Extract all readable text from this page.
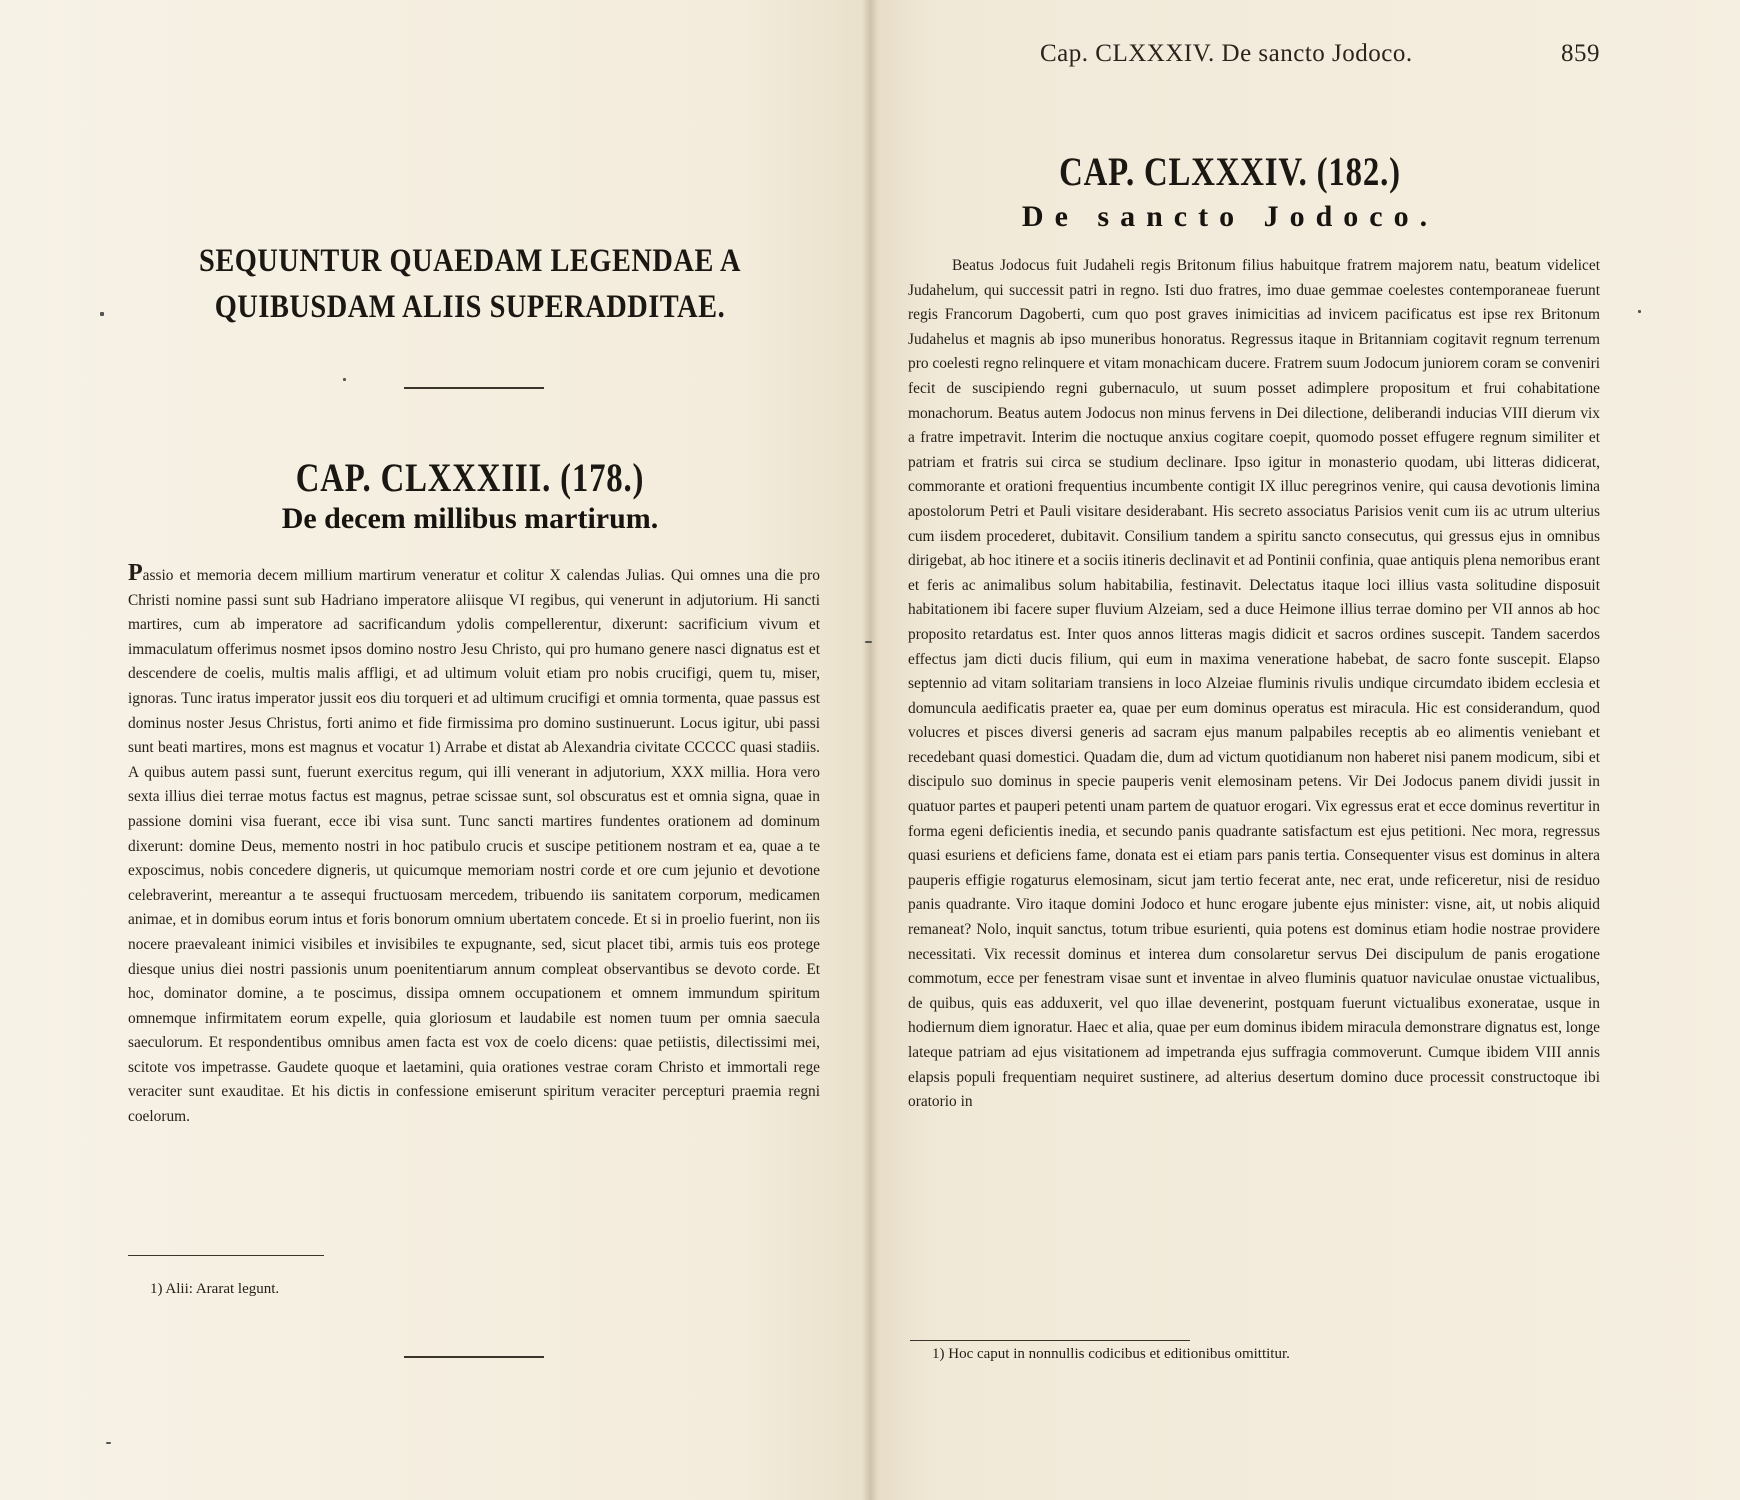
SEQUUNTUR QUAEDAM LEGENDAE A QUIBUSDAM ALIIS SUPERADDITAE.
CAP. CLXXXIII. (178.)
De decem millibus martirum.

Passio et memoria decem millium martirum veneratur et colitur X calendas Julias. Qui omnes una die pro Christi nomine passi sunt sub Hadriano imperatore aliisque VI regibus, qui venerunt in adjutorium. Hi sancti martires, cum ab imperatore ad sacrificandum ydolis compellerentur, dixerunt: sacrificium vivum et immaculatum offerimus nosmet ipsos domino nostro Jesu Christo, qui pro humano genere nasci dignatus est et descendere de coelis, multis malis affligi, et ad ultimum voluit etiam pro nobis crucifigi, quem tu, miser, ignoras. Tunc iratus imperator jussit eos diu torqueri et ad ultimum crucifigi et omnia tormenta, quae passus est dominus noster Jesus Christus, forti animo et fide firmissima pro domino sustinuerunt. Locus igitur, ubi passi sunt beati martires, mons est magnus et vocatur 1) Arrabe et distat ab Alexandria civitate CCCCC quasi stadiis. A quibus autem passi sunt, fuerunt exercitus regum, qui illi venerant in adjutorium, XXX millia. Hora vero sexta illius diei terrae motus factus est magnus, petrae scissae sunt, sol obscuratus est et omnia signa, quae in passione domini visa fuerant, ecce ibi visa sunt. Tunc sancti martires fundentes orationem ad dominum dixerunt: domine Deus, memento nostri in hoc patibulo crucis et suscipe petitionem nostram et ea, quae a te exposcimus, nobis concedere digneris, ut quicumque memoriam nostri corde et ore cum jejunio et devotione celebraverint, mereantur a te assequi fructuosam mercedem, tribuendo iis sanitatem corporum, medicamen animae, et in domibus eorum intus et foris bonorum omnium ubertatem concede. Et si in proelio fuerint, non iis nocere praevaleant inimici visibiles et invisibiles te expugnante, sed, sicut placet tibi, armis tuis eos protege diesque unius diei nostri passionis unum poenitentiarum annum compleat observantibus se devoto corde. Et hoc, dominator domine, a te poscimus, dissipa omnem occupationem et omnem immundum spiritum omnemque infirmitatem eorum expelle, quia gloriosum et laudabile est nomen tuum per omnia saecula saeculorum. Et respondentibus omnibus amen facta est vox de coelo dicens: quae petiistis, dilectissimi mei, scitote vos impetrasse. Gaudete quoque et laetamini, quia orationes vestrae coram Christo et immortali rege veraciter sunt exauditae. Et his dictis in confessione emiserunt spiritum veraciter percepturi praemia regni coelorum.

1) Alii: Ararat legunt.
Cap. CLXXXIV. De sancto Jodoco.	859
CAP. CLXXXIV. (182.)
De sancto Jodoco.

Beatus Jodocus fuit Judaheli regis Britonum filius habuitque fratrem majorem natu, beatum videlicet Judahelum, qui successit patri in regno. Isti duo fratres, imo duae gemmae coelestes contemporaneae fuerunt regis Francorum Dagoberti, cum quo post graves inimicitias ad invicem pacificatus est ipse rex Britonum Judahelus et magnis ab ipso muneribus honoratus. Regressus itaque in Britanniam cogitavit regnum terrenum pro coelesti regno relinquere et vitam monachicam ducere. Fratrem suum Jodocum juniorem coram se conveniri fecit de suscipiendo regni gubernaculo, ut suum posset adimplere propositum et frui cohabitatione monachorum. Beatus autem Jodocus non minus fervens in Dei dilectione, deliberandi inducias VIII dierum vix a fratre impetravit. Interim die noctuque anxius cogitare coepit, quomodo posset effugere regnum similiter et patriam et fratris sui circa se studium declinare. Ipso igitur in monasterio quodam, ubi litteras didicerat, commorante et orationi frequentius incumbente contigit IX illuc peregrinos venire, qui causa devotionis limina apostolorum Petri et Pauli visitare desiderabant. His secreto associatus Parisios venit cum iis ac utrum ulterius cum iisdem procederet, dubitavit. Consilium tandem a spiritu sancto consecutus, qui gressus ejus in omnibus dirigebat, ab hoc itinere et a sociis itineris declinavit et ad Pontinii confinia, quae antiquis plena nemoribus erant et feris ac animalibus solum habitabilia, festinavit. Delectatus itaque loci illius vasta solitudine disposuit habitationem ibi facere super fluvium Alzeiam, sed a duce Heimone illius terrae domino per VII annos ab hoc proposito retardatus est. Inter quos annos litteras magis didicit et sacros ordines suscepit. Tandem sacerdos effectus jam dicti ducis filium, qui eum in maxima veneratione habebat, de sacro fonte suscepit. Elapso septennio ad vitam solitariam transiens in loco Alzeiae fluminis rivulis undique circumdato ibidem ecclesia et domuncula aedificatis praeter ea, quae per eum dominus operatus est miracula. Hic est considerandum, quod volucres et pisces diversi generis ad sacram ejus manum palpabiles receptis ab eo alimentis veniebant et recedebant quasi domestici. Quadam die, dum ad victum quotidianum non haberet nisi panem modicum, sibi et discipulo suo dominus in specie pauperis venit elemosinam petens. Vir Dei Jodocus panem dividi jussit in quatuor partes et pauperi petenti unam partem de quatuor erogari. Vix egressus erat et ecce dominus revertitur in forma egeni deficientis inedia, et secundo panis quadrante satisfactum est ejus petitioni. Nec mora, regressus quasi esuriens et deficiens fame, donata est ei etiam pars panis tertia. Consequenter visus est dominus in altera pauperis effigie rogaturus elemosinam, sicut jam tertio fecerat ante, nec erat, unde reficeretur, nisi de residuo panis quadrante. Viro itaque domini Jodoco et hunc erogare jubente ejus minister: visne, ait, ut nobis aliquid remaneat? Nolo, inquit sanctus, totum tribue esurienti, quia potens est dominus etiam hodie nostrae providere necessitati. Vix recessit dominus et interea dum consolaretur servus Dei discipulum de panis erogatione commotum, ecce per fenestram visae sunt et inventae in alveo fluminis quatuor naviculae onustae victualibus, de quibus, quis eas adduxerit, vel quo illae devenerint, postquam fuerunt victualibus exoneratae, usque in hodiernum diem ignoratur. Haec et alia, quae per eum dominus ibidem miracula demonstrare dignatus est, longe lateque patriam ad ejus visitationem ad impetranda ejus suffragia commoverunt. Cumque ibidem VIII annis elapsis populi frequentiam nequiret sustinere, ad alterius desertum domino duce processit constructoque ibi oratorio in

1) Hoc caput in nonnullis codicibus et editionibus omittitur.
